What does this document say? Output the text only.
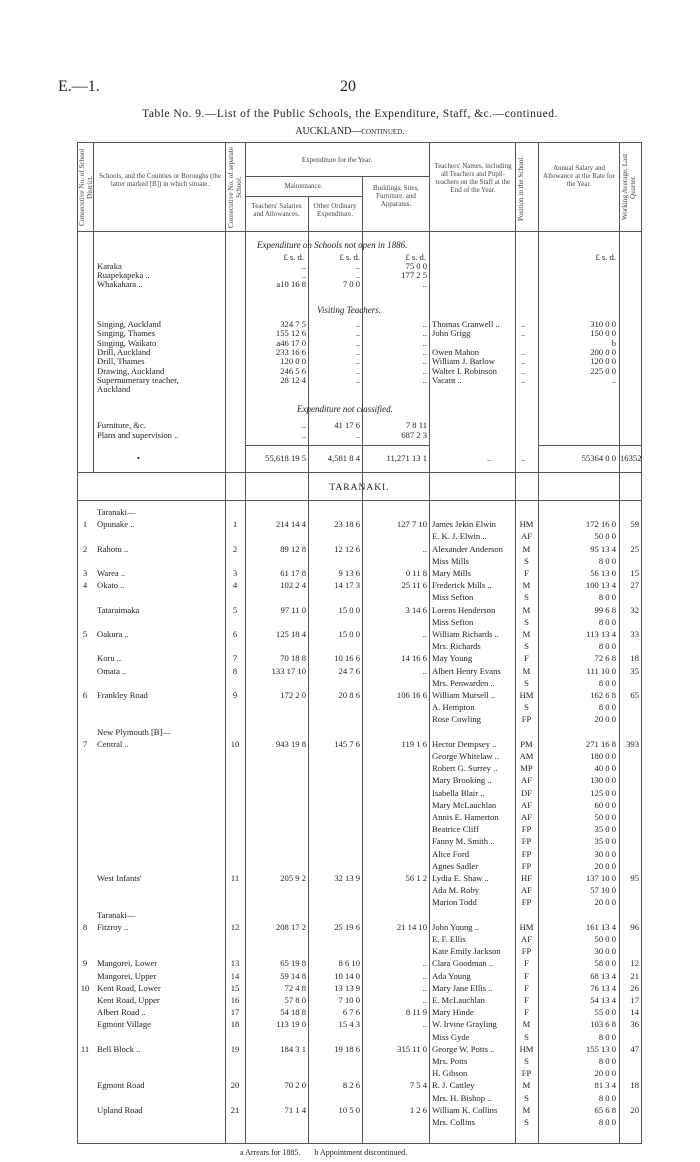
E.—1.	20
Table No. 9.—List of the Public Schools, the Expenditure, Staff, &c.—continued.
AUCKLAND—continued.
Consecutive No. of School District. Schools, and the Counties or Boroughs (the latter marked [B]) in which situate.	Consecutive No. of separate School.
Expenditure for the Year.
Maintenance.
Teachers' Salaries and Allowances.
Other Ordinary Expenditure.
Buildings, Sites, Furniture, and Apparatus.
Teachers' Names, including all Teachers and Pupil-teachers on the Staff at the End of the Year.	Position in the School.	Annual Salary and Allowance at the Rate for the Year.	Working Average, Last Quarter.
Expenditure on Schools not open in 1886.
£ s. d.	£ s. d.	£ s. d.	£ s. d.
Karaka	..	..	75 0 0
Ruapekapeka ..	..	..	177 2 5
Whakahara ..	a10 16 8	7 0 0	..
Visiting Teachers.
Singing, Auckland	324 7 5	..	.. Thomas Cranwell .. ..	310 0 0
Singing, Thames	155 12 6	..	.. John Grigg	..	150 0 0
Singing, Waikato	a46 17 0	..	..	b
Drill, Auckland	233 16 6	..	.. Owen Mahon	..	200 0 0
Drill, Thames	120 0 0	..	.. William J. Barlow	..	120 0 0
Drawing, Auckland	246 5 6	..	.. Walter I. Robinson	..	225 0 0
Supernumerary teacher,	28 12 4	..	.. Vacant ..	..	..
Auckland
Expenditure not classified.
Furniture, &c.	..	41 17 6	7 8 11
Plans and supervision ..	..	..	687 2 3
•	55,618 19 5	4,581 8 4	11,271 13 1	..	..	55364 0 0 16352
TARANAKI.
Taranaki—
1	Opunake ..	1	214 14 4	23 18 6	127 7 10 James Jekin Elwin	HM	172 16 0	59
E. K. J. Elwin ..	AF	50 0 0
2	Rahotu ..	2	89 12 8	12 12 6	.. Alexander Anderson	M	95 13 4	25
Miss Mills	S	8 0 0
3	Warea ..	3	61 17 8	9 13 6	0 11 8 Mary Mills	F	56 13 0	15
4	Okato ..	4	102 2 4	14 17 3	25 11 6 Frederick Mills ..	M	100 13 4	27
Miss Sefton	S	8 0 0
Tataraimaka	5	97 11 0	15 0 0	3 14 6 Lorens Henderson	M	99 6 8	32
Miss Sefton	S	8 0 0
5	Oakura ..	6	125 18 4	15 0 0	.. William Richards ..	M	113 13 4	33
Mrs. Richards	S	8 0 0
Koru ..	7	70 18 8	10 16 6	14 16 6 May Young	F	72 6 8	18
Omata ..	8	133 17 10	24 7 6	.. Albert Henry Evans	M	111 10 0	35
Mrs. Penwarden ..	S	8 0 0
6	Frankley Road	9	172 2 0	20 8 6	106 16 6 William Mursell ..	HM	162 6 8	65
A. Hempton	S	8 0 0
Rose Cowling	FP	20 0 0
New Plymouth [B]—
7	Central ..	10	943 19 8	145 7 6	119 1 6 Hector Dempsey ..	PM	271 16 8	393
George Whitelaw ..	AM	180 0 0
Robert G. Surrey ..	MP	40 0 0
Mary Brooking ..	AF	130 0 0
Isabella Blair ..	DF	125 0 0
Mary McLauchlan	AF	60 0 0
Annis E. Hamerton	AF	50 0 0
Beatrice Cliff	FP	35 0 0
Fanny M. Smith ..	FP	35 0 0
Alice Ford	FP	30 0 0
Agnes Sadler	FP	20 0 0
West Infants'	11	205 9 2	32 13 9	56 1 2 Lydia E. Shaw ..	HF	137 10 0	95
Ada M. Roby	AF	57 10 0
Marion Todd	FP	20 0 0
Taranaki—
8	Fitzroy ..	12	208 17 2	25 19 6	21 14 10 John Young ..	HM	161 13 4	96
E. F. Ellis	AF	50 0 0
Kate Emily Jackson	FP	30 0 0
9	Mangorei, Lower	13	65 19 8	8 6 10	.. Clara Goodman ..	F	58 0 0	12
Mangorei, Upper	14	59 14 8	10 14 0	.. Ada Young	F	68 13 4	21
10 Kent Road, Lower	15	72 4 8	13 13 9	.. Mary Jane Ellis ..	F	76 13 4	26
Kent Road, Upper	16	57 8 0	7 10 0	.. E. McLauchlan	F	54 13 4	17
Albert Road ..	17	54 18 8	6 7 6	8 11 9 Mary Hinde	F	55 0 0	14
Egmont Village	18	113 19 0	15 4 3	.. W. Irvine Grayling	M	103 6 8	36
Miss Gyde	S	8 0 0
11 Bell Block ..	19	184 3 1	19 18 6	315 11 0 George W. Potts ..	HM	155 13 0	47
Mrs. Potts	S	8 0 0
H. Gibson	FP	20 0 0
Egmont Road	20	70 2 0	8 2 6	7 5 4 R. J. Cattley	M	81 3 4	18
Mrs. H. Bishop ..	S	8 0 0
Upland Road	21	71 1 4	10 5 0	1 2 6 William K. Collins	M	65 6 8	20
Mrs. Collins	S	8 0 0
a Arrears for 1885. b Appointment discontinued.
